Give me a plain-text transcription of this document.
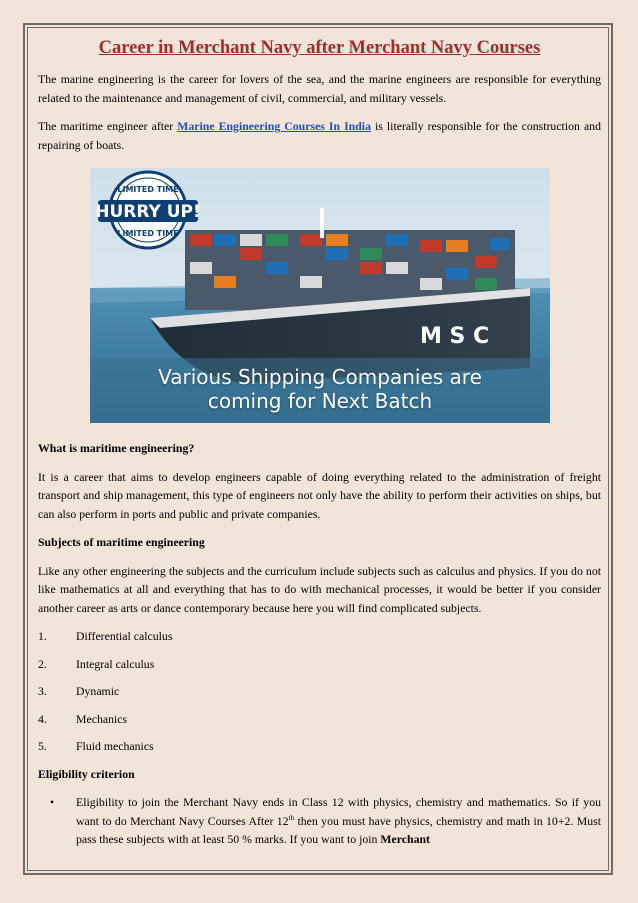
Career in Merchant Navy after Merchant Navy Courses

The marine engineering is the career for lovers of the sea, and the marine engineers are responsible for everything related to the maintenance and management of civil, commercial, and military vessels.

The maritime engineer after Marine Engineering Courses In India is literally responsible for the construction and repairing of boats.

M S C
LIMITED TIME
HURRY UP!
LIMITED TIME
Various Shipping Companies are
coming for Next Batch
What is maritime engineering?

It is a career that aims to develop engineers capable of doing everything related to the administration of freight transport and ship management, this type of engineers not only have the ability to perform their activities on ships, but can also perform in ports and public and private companies.

Subjects of maritime engineering

Like any other engineering the subjects and the curriculum include subjects such as calculus and physics. If you do not like mathematics at all and everything that has to do with mechanical processes, it would be better if you consider another career as arts or dance contemporary because here you will find complicated subjects.

1.	Differential calculus
2.	Integral calculus
3.	Dynamic
4.	Mechanics
5.	Fluid mechanics
Eligibility criterion
•	Eligibility to join the Merchant Navy ends in Class 12 with physics, chemistry and mathematics. So if you want to do Merchant Navy Courses After 12th then you must have physics, chemistry and math in 10+2. Must pass these subjects with at least 50 % marks. If you want to join Merchant
